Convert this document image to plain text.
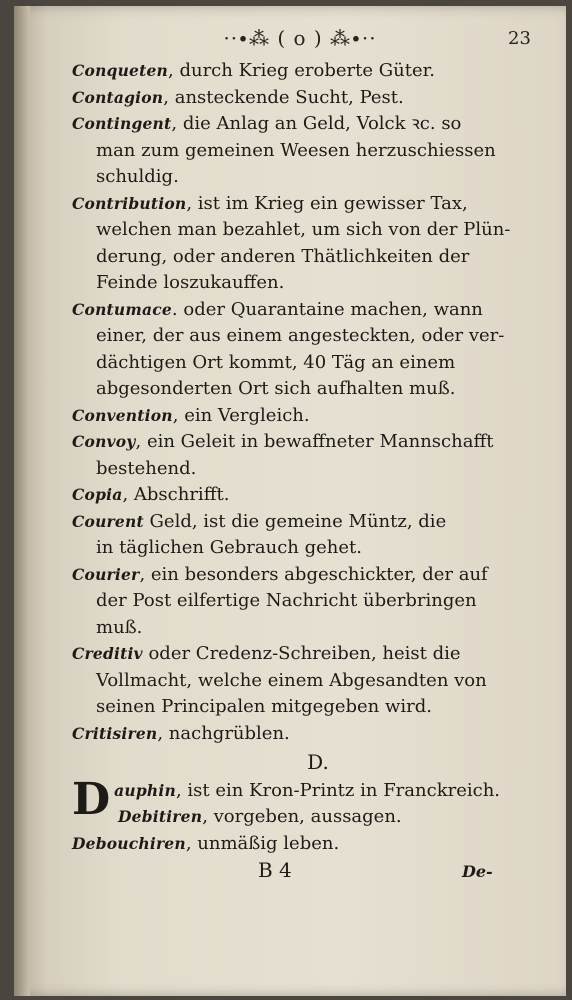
··∙⁂ ( o ) ⁂∙··	23
Conqueten, durch Krieg eroberte Güter.
Contagion, ansteckende Sucht, Pest.
Contingent, die Anlag an Geld, Volck ꝛc. so
man zum gemeinen Weesen herzuschiessen
schuldig.
Contribution, ist im Krieg ein gewisser Tax,
welchen man bezahlet, um sich von der Plün-
derung, oder anderen Thätlichkeiten der
Feinde loszukauffen.
Contumace. oder Quarantaine machen, wann
einer, der aus einem angesteckten, oder ver-
dächtigen Ort kommt, 40 Täg an einem
abgesonderten Ort sich aufhalten muß.
Convention, ein Vergleich.
Convoy, ein Geleit in bewaffneter Mannschafft
bestehend.
Copia, Abschrifft.
Courent Geld, ist die gemeine Müntz, die
in täglichen Gebrauch gehet.
Courier, ein besonders abgeschickter, der auf
der Post eilfertige Nachricht überbringen
muß.
Creditiv oder Credenz-Schreiben, heist die
Vollmacht, welche einem Abgesandten von
seinen Principalen mitgegeben wird.
Critisiren, nachgrüblen.
D.
Dauphin, ist ein Kron-Printz in Franckreich.
Debitiren, vorgeben, aussagen.
Debouchiren, unmäßig leben.
B 4	De-
